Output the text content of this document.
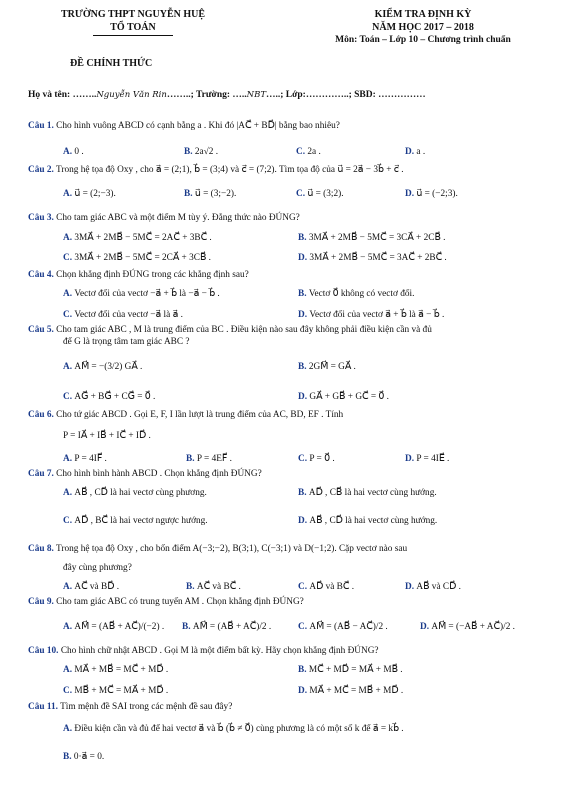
TRƯỜNG THPT NGUYỄN HUỆ
TỔ TOÁN
ĐỀ CHÍNH THỨC
KIỂM TRA ĐỊNH KỲ
NĂM HỌC 2017 – 2018
Môn: Toán – Lớp 10 – Chương trình chuẩn
Họ và tên: ……..Nguyễn Văn Rin……..; Trường: …..NBT…..; Lớp:…………..; SBD: ……………
Câu 1. Cho hình vuông ABCD có cạnh bằng a . Khi đó |AC⃗ + BD⃗| bằng bao nhiêu?
A. 0 .	B. 2a√2 .	C. 2a .	D. a .
Câu 2. Trong hệ tọa độ Oxy , cho a⃗ = (2;1), b⃗ = (3;4) và c⃗ = (7;2). Tìm tọa độ của u⃗ = 2a⃗ − 3b⃗ + c⃗ .
A. u⃗ = (2;−3).	B. u⃗ = (3;−2).	C. u⃗ = (3;2).	D. u⃗ = (−2;3).
Câu 3. Cho tam giác ABC và một điểm M tùy ý. Đẳng thức nào ĐÚNG?
A. 3MA⃗ + 2MB⃗ − 5MC⃗ = 2AC⃗ + 3BC⃗ .	B. 3MA⃗ + 2MB⃗ − 5MC⃗ = 3CA⃗ + 2CB⃗ .
C. 3MA⃗ + 2MB⃗ − 5MC⃗ = 2CA⃗ + 3CB⃗ .	D. 3MA⃗ + 2MB⃗ − 5MC⃗ = 3AC⃗ + 2BC⃗ .
Câu 4. Chọn khẳng định ĐÚNG trong các khẳng định sau?
A. Vectơ đối của vectơ −a⃗ + b⃗ là −a⃗ − b⃗ .	B. Vectơ 0⃗ không có vectơ đối.
C. Vectơ đối của vectơ −a⃗ là a⃗ .	D. Vectơ đối của vectơ a⃗ + b⃗ là a⃗ − b⃗ .
Câu 5. Cho tam giác ABC , M là trung điểm của BC . Điều kiện nào sau đây không phải điều kiện cần và đủ
để G là trọng tâm tam giác ABC ?
A. AM⃗ = −(3/2) GA⃗ .	B. 2GM⃗ = GA⃗ .
C. AG⃗ + BG⃗ + CG⃗ = 0⃗ .	D. GA⃗ + GB⃗ + GC⃗ = 0⃗ .
Câu 6. Cho tứ giác ABCD . Gọi E, F, I lần lượt là trung điểm của AC, BD, EF . Tính
P = IA⃗ + IB⃗ + IC⃗ + ID⃗ .
A. P = 4IF⃗ .	B. P = 4EF⃗ .	C. P = 0⃗ .	D. P = 4IE⃗ .
Câu 7. Cho hình bình hành ABCD . Chọn khẳng định ĐÚNG?
A. AB⃗ , CD⃗ là hai vectơ cùng phương.	B. AD⃗ , CB⃗ là hai vectơ cùng hướng.
C. AD⃗ , BC⃗ là hai vectơ ngược hướng.	D. AB⃗ , CD⃗ là hai vectơ cùng hướng.
Câu 8. Trong hệ tọa độ Oxy , cho bốn điểm A(−3;−2), B(3;1), C(−3;1) và D(−1;2). Cặp vectơ nào sau
đây cùng phương?
A. AC⃗ và BD⃗ .	B. AC⃗ và BC⃗ .	C. AD⃗ và BC⃗ .	D. AB⃗ và CD⃗ .
Câu 9. Cho tam giác ABC có trung tuyến AM . Chọn khẳng định ĐÚNG?
A. AM⃗ = (AB⃗ + AC⃗)/(−2) . B. AM⃗ = (AB⃗ + AC⃗)/2 .	C. AM⃗ = (AB⃗ − AC⃗)/2 .	D. AM⃗ = (−AB⃗ + AC⃗)/2 .
Câu 10. Cho hình chữ nhật ABCD . Gọi M là một điểm bất kỳ. Hãy chọn khẳng định ĐÚNG?
A. MA⃗ + MB⃗ = MC⃗ + MD⃗ .	B. MC⃗ + MD⃗ = MA⃗ + MB⃗ .
C. MB⃗ + MC⃗ = MA⃗ + MD⃗ .	D. MA⃗ + MC⃗ = MB⃗ + MD⃗ .
Câu 11. Tìm mệnh đề SAI trong các mệnh đề sau đây?
A. Điều kiện cần và đủ để hai vectơ a⃗ và b⃗ (b⃗ ≠ 0⃗) cùng phương là có một số k để a⃗ = kb⃗ .
B. 0·a⃗ = 0.
